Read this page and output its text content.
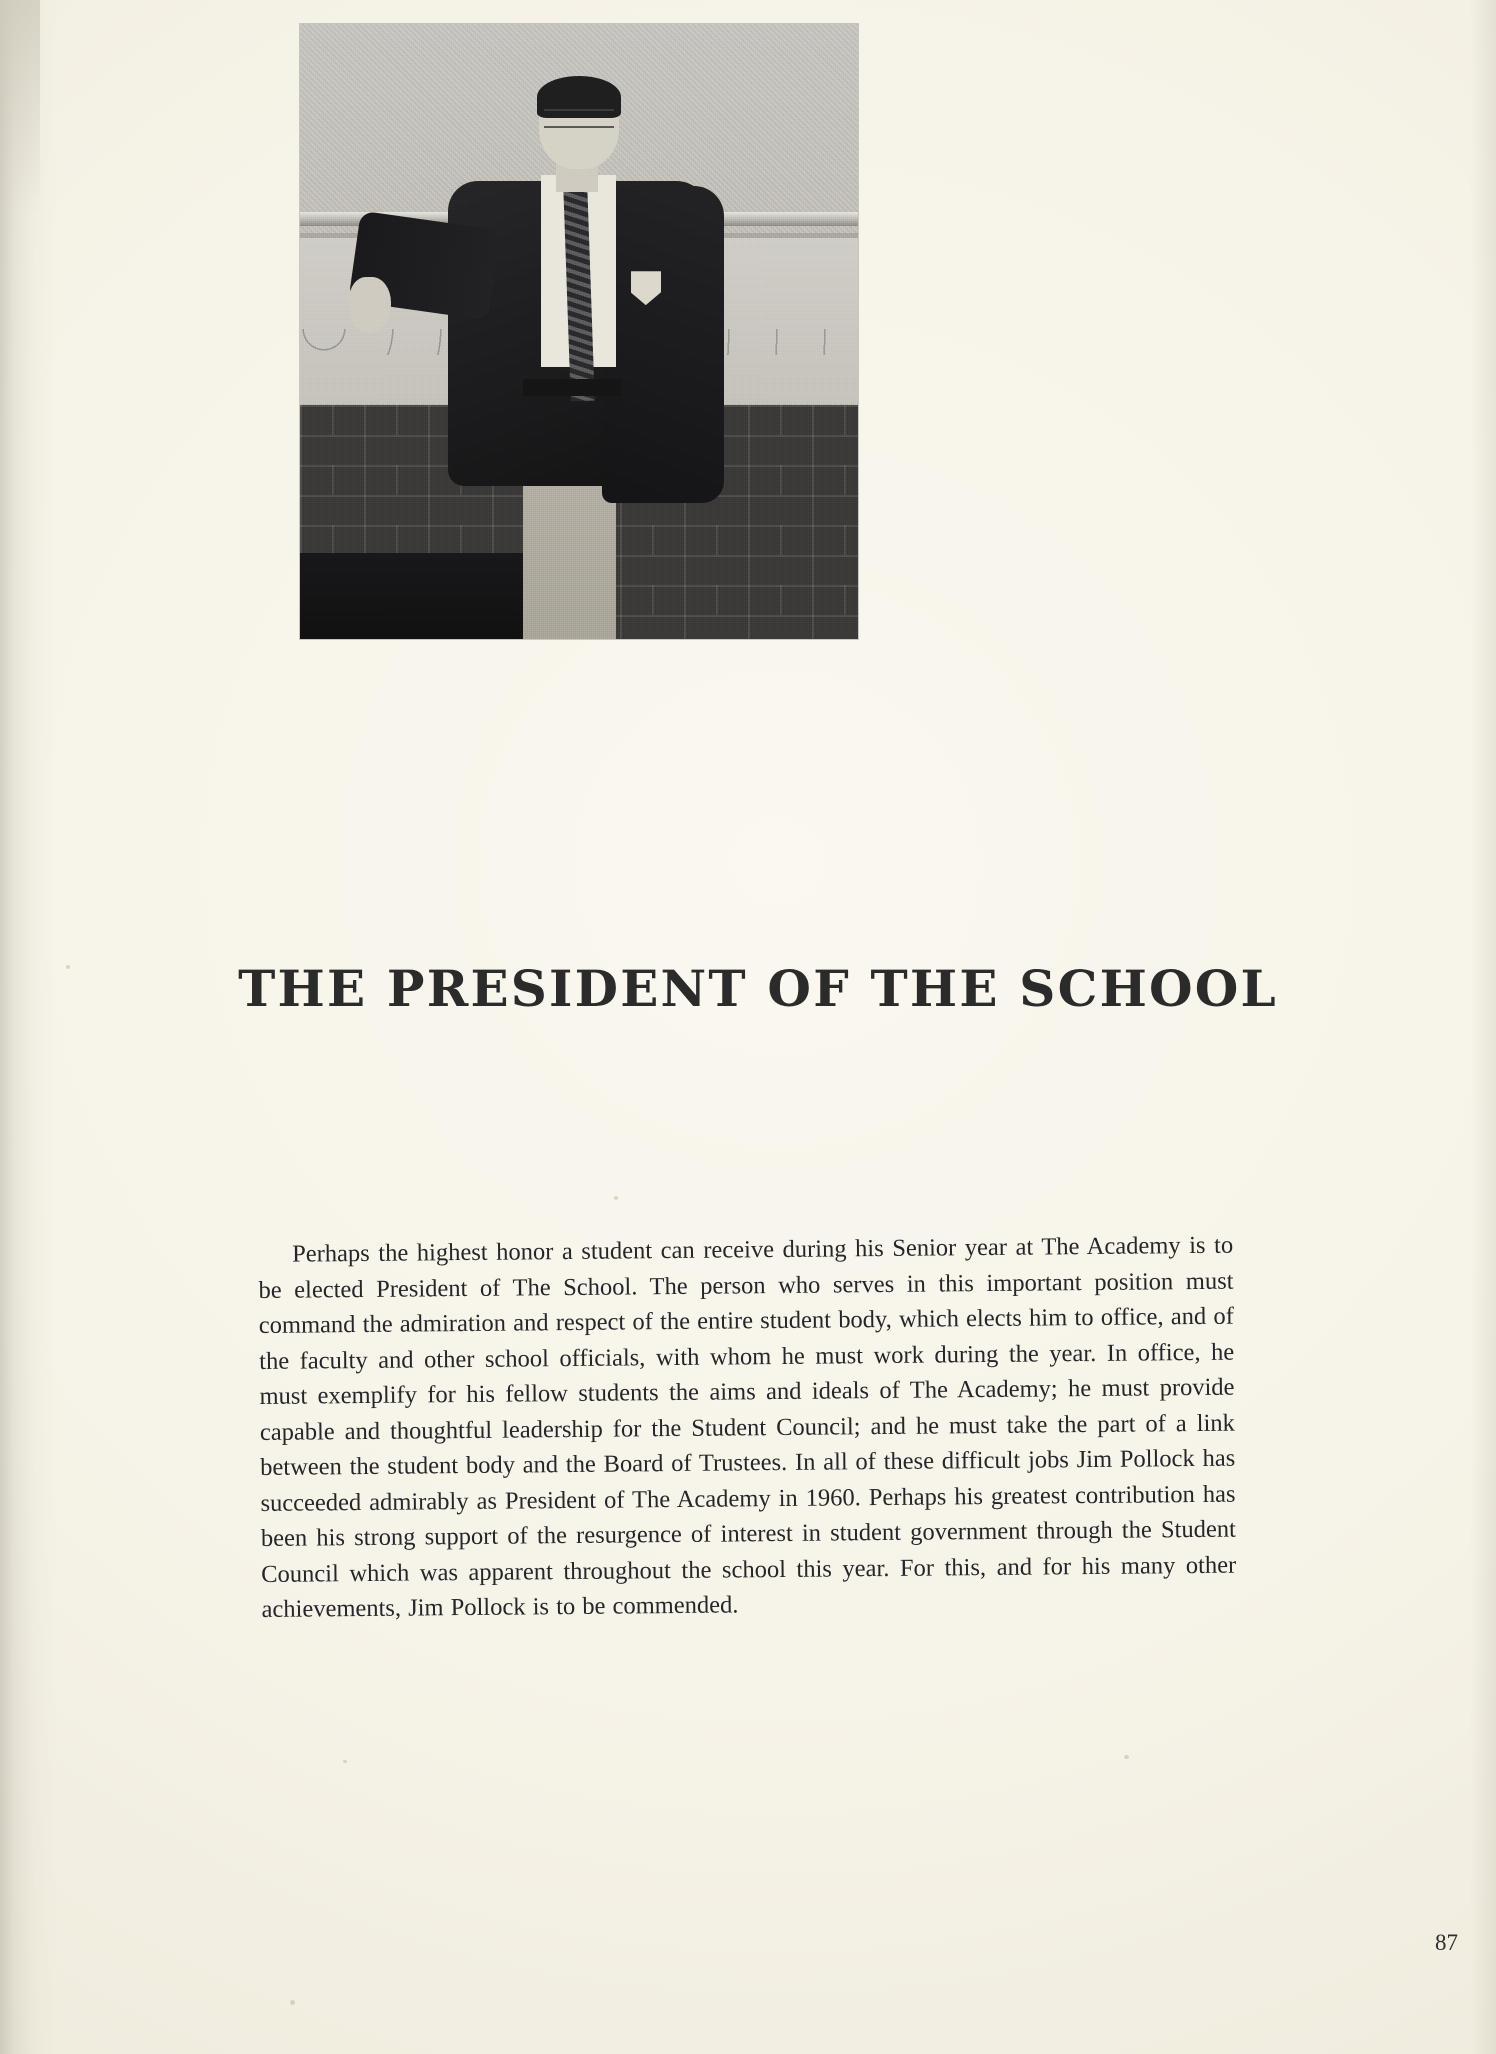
THE PRESIDENT OF THE SCHOOL

Perhaps the highest honor a student can receive during his Senior year at The Academy is to be elected President of The School. The person who serves in this important position must command the admiration and respect of the entire student body, which elects him to office, and of the faculty and other school officials, with whom he must work during the year. In office, he must exemplify for his fellow students the aims and ideals of The Academy; he must provide capable and thoughtful leadership for the Student Council; and he must take the part of a link between the student body and the Board of Trustees. In all of these difficult jobs Jim Pollock has succeeded admirably as President of The Academy in 1960. Perhaps his greatest contribution has been his strong support of the resurgence of interest in student government through the Student Council which was apparent throughout the school this year. For this, and for his many other achievements, Jim Pollock is to be commended.

87
